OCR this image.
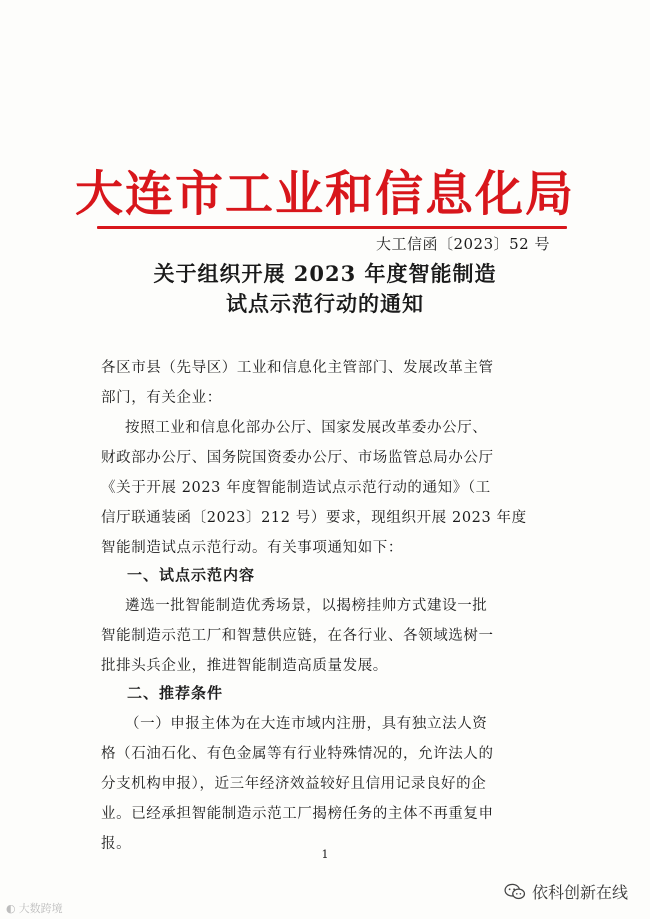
大连市工业和信息化局
大工信函〔2023〕52 号
关于组织开展 2023 年度智能制造
试点示范行动的通知
各区市县（先导区）工业和信息化主管部门、发展改革主管
部门，有关企业：
按照工业和信息化部办公厅、国家发展改革委办公厅、
财政部办公厅、国务院国资委办公厅、市场监管总局办公厅
《关于开展 2023 年度智能制造试点示范行动的通知》（工
信厅联通装函〔2023〕212 号）要求，现组织开展 2023 年度
智能制造试点示范行动。有关事项通知如下：
一、试点示范内容
遴选一批智能制造优秀场景，以揭榜挂帅方式建设一批
智能制造示范工厂和智慧供应链，在各行业、各领域选树一
批排头兵企业，推进智能制造高质量发展。
二、推荐条件
（一）申报主体为在大连市域内注册，具有独立法人资
格（石油石化、有色金属等有行业特殊情况的，允许法人的
分支机构申报），近三年经济效益较好且信用记录良好的企
业。已经承担智能制造示范工厂揭榜任务的主体不再重复申
报。
1
◐ 大数跨境
依科创新在线
